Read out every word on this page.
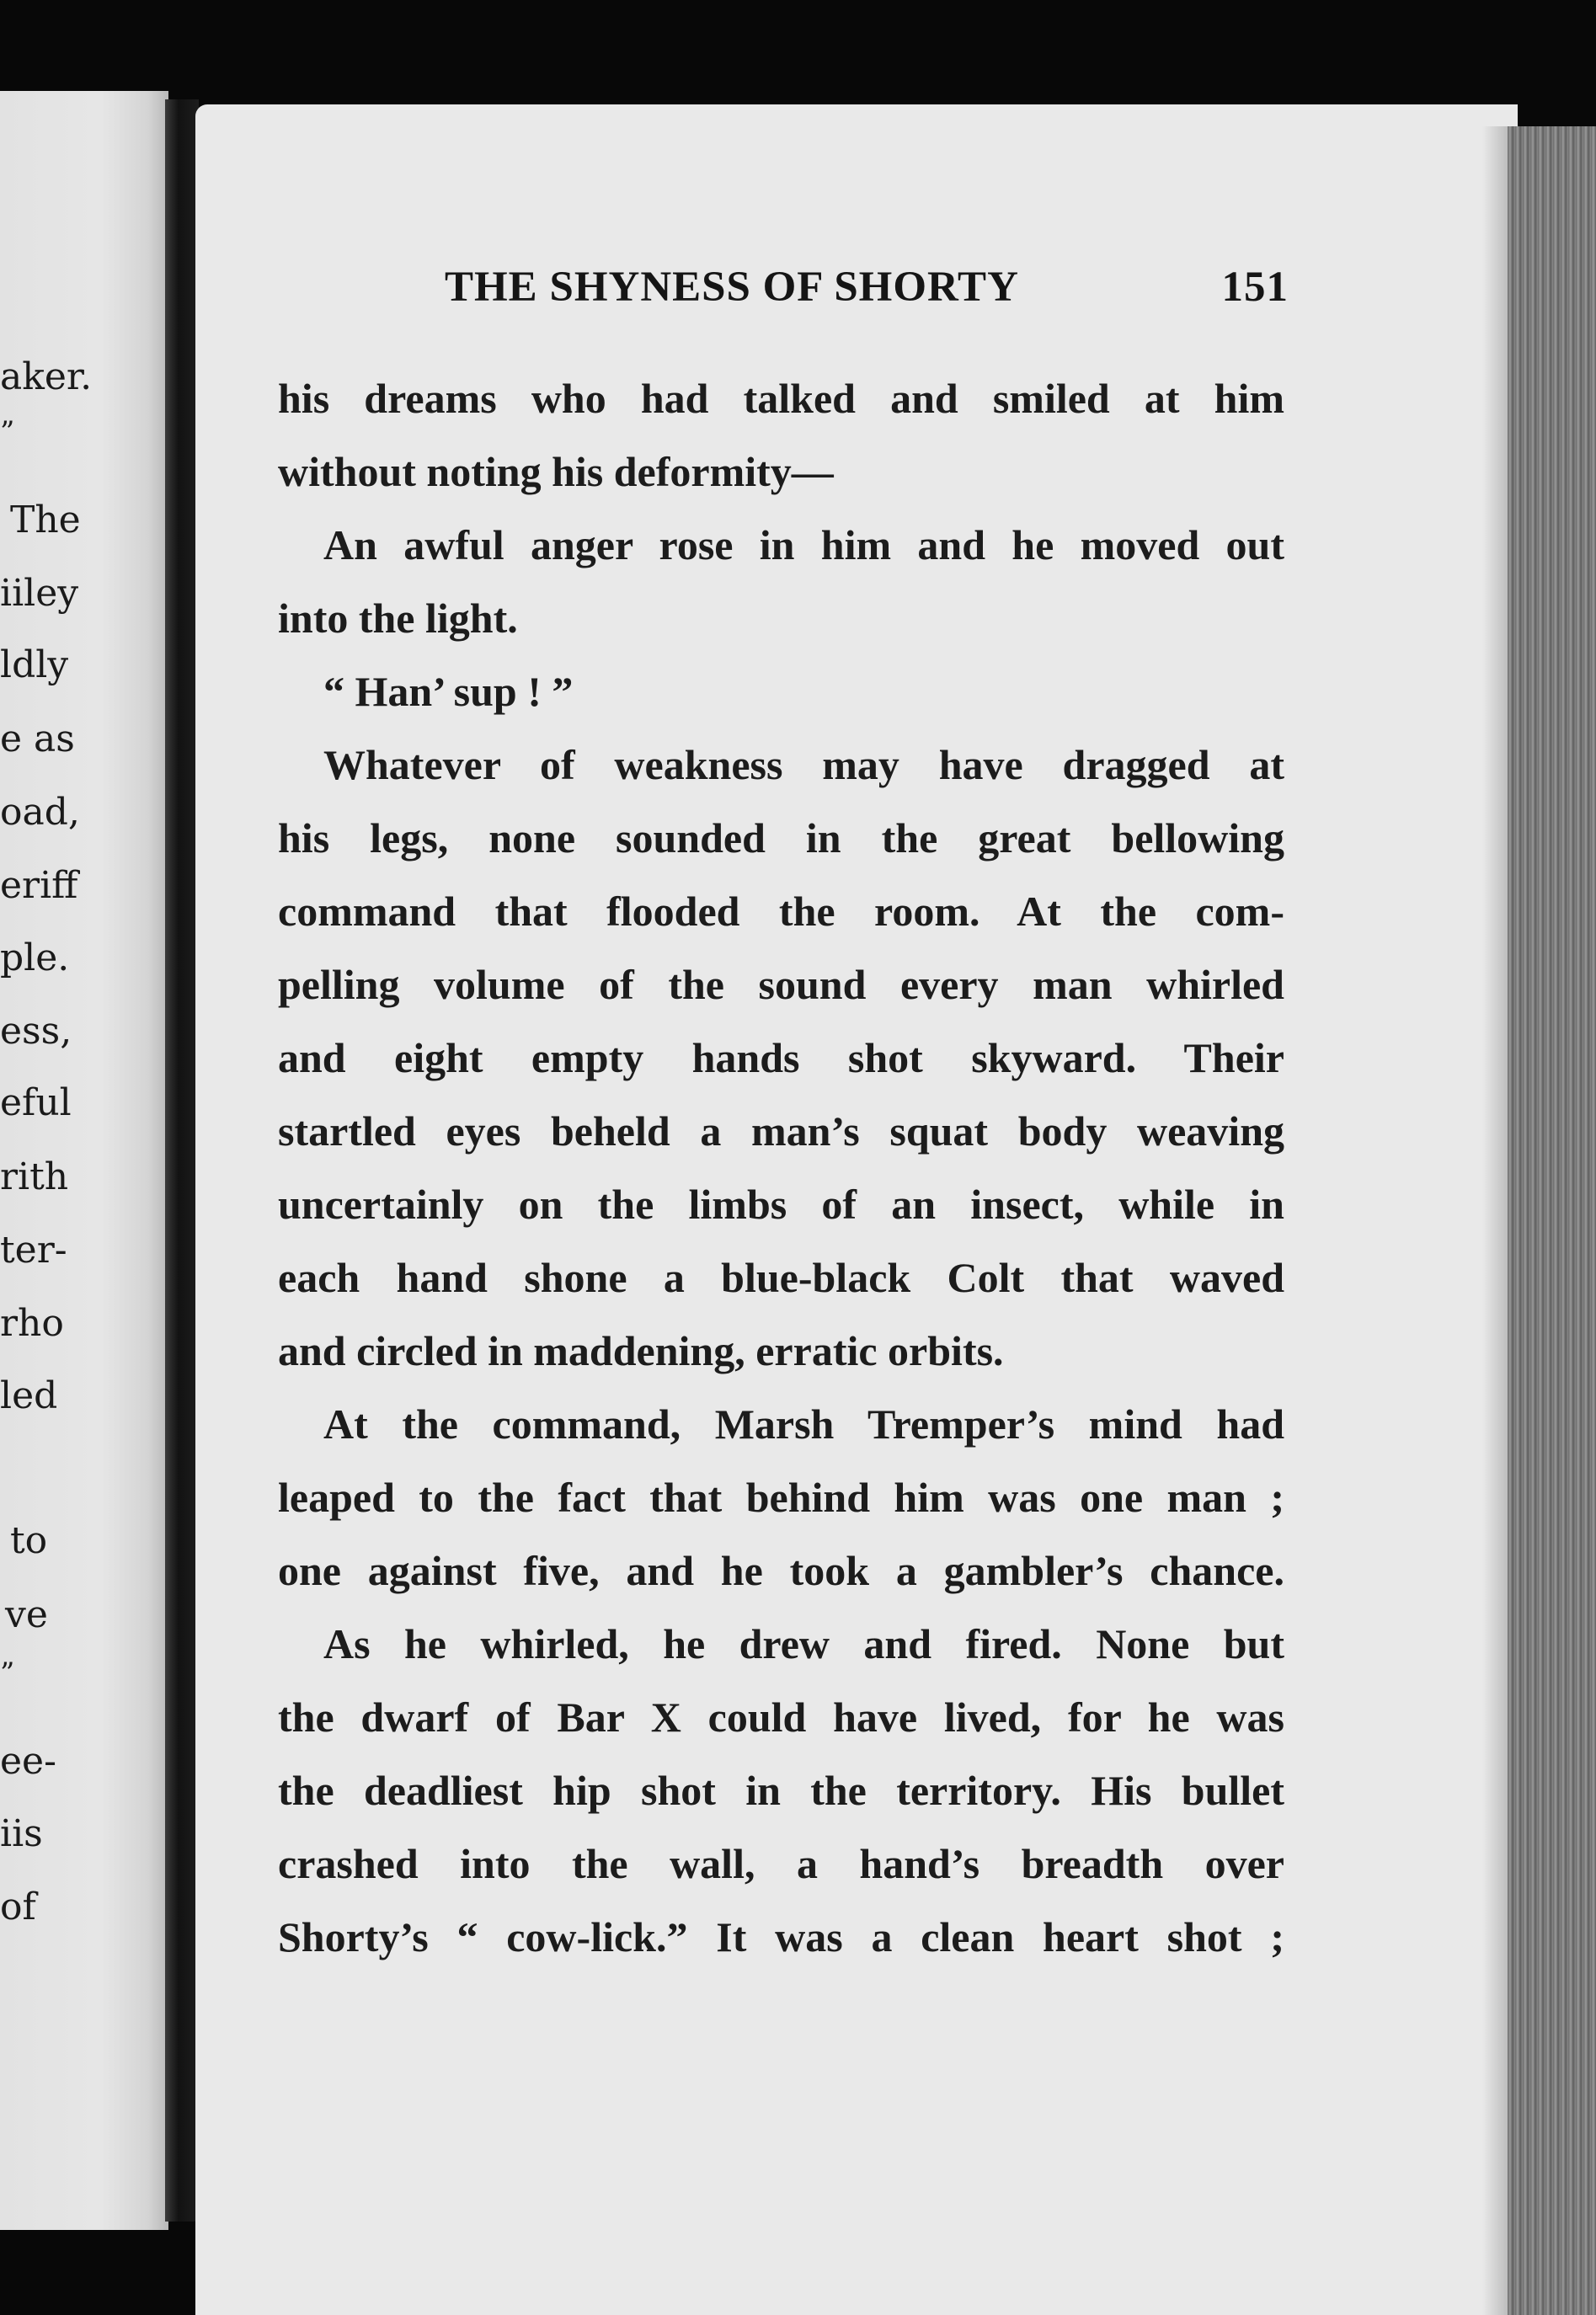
aker.
”
The
iiley
ldly
e as
oad,
eriff
ple.
ess,
eful
rith
ter-
rho
led
to
ve
”
ee-
iis
of
THE SHYNESS OF SHORTY	151
his dreams who had talked and smiled at him
without noting his deformity—
An awful anger rose in him and he moved out
into the light.
“ Han’ sup ! ”
Whatever of weakness may have dragged at
his legs, none sounded in the great bellowing
command that flooded the room. At the com-
pelling volume of the sound every man whirled
and eight empty hands shot skyward. Their
startled eyes beheld a man’s squat body weaving
uncertainly on the limbs of an insect, while in
each hand shone a blue-black Colt that waved
and circled in maddening, erratic orbits.
At the command, Marsh Tremper’s mind had
leaped to the fact that behind him was one man ;
one against five, and he took a gambler’s chance.
As he whirled, he drew and fired. None but
the dwarf of Bar X could have lived, for he was
the deadliest hip shot in the territory. His bullet
crashed into the wall, a hand’s breadth over
Shorty’s “ cow-lick.” It was a clean heart shot ;
